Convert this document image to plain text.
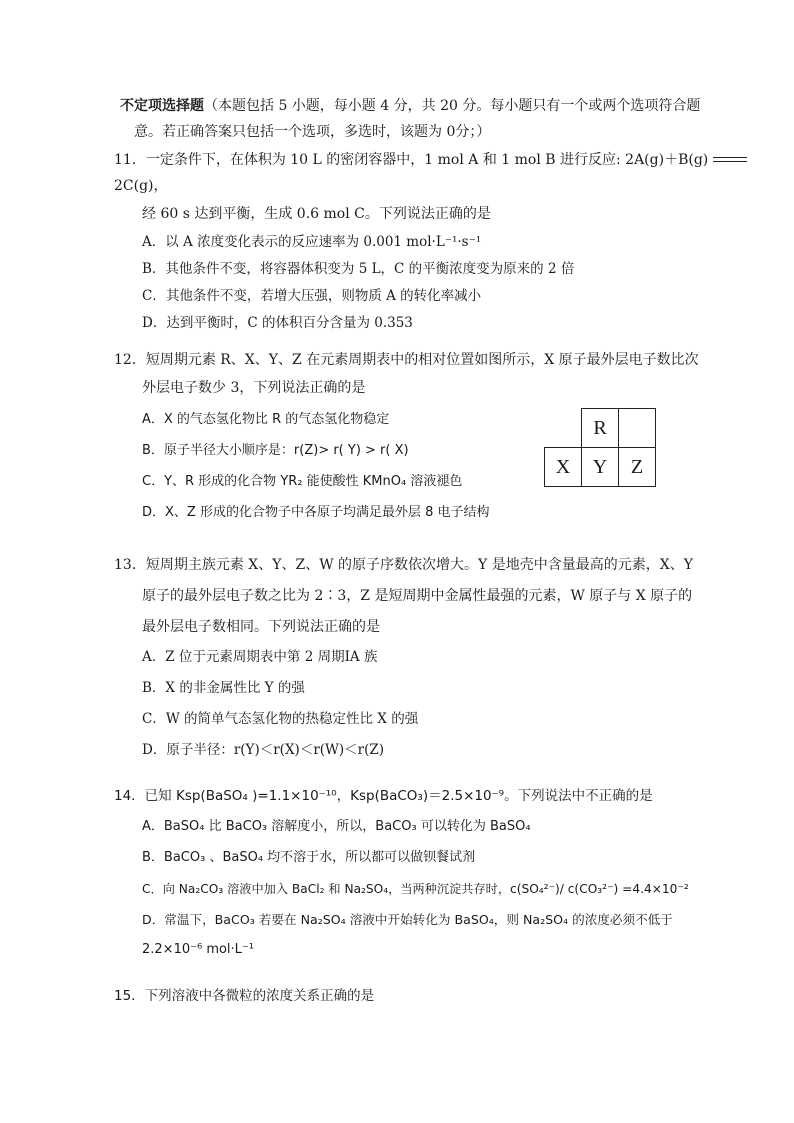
不定项选择题（本题包括 5 小题，每小题 4 分，共 20 分。每小题只有一个或两个选项符合题
意。若正确答案只包括一个选项，多选时，该题为 0分；）
11．一定条件下，在体积为 10 L 的密闭容器中，1 mol A 和 1 mol B 进行反应: 2A(g)＋B(g)
2C(g)，
经 60 s 达到平衡，生成 0.6 mol C。下列说法正确的是
A．以 A 浓度变化表示的反应速率为 0.001 mol·L⁻¹·s⁻¹
B．其他条件不变，将容器体积变为 5 L，C 的平衡浓度变为原来的 2 倍
C．其他条件不变，若增大压强，则物质 A 的转化率减小
D．达到平衡时，C 的体积百分含量为 0.353
12．短周期元素 R、X、Y、Z 在元素周期表中的相对位置如图所示，X 原子最外层电子数比次
外层电子数少 3，下列说法正确的是
A．X 的气态氢化物比 R 的气态氢化物稳定
B．原子半径大小顺序是：r(Z)> r( Y) > r( X)
C．Y、R 形成的化合物 YR₂ 能使酸性 KMnO₄ 溶液褪色
D．X、Z 形成的化合物子中各原子均满足最外层 8 电子结构
	R	
X	Y	Z
13．短周期主族元素 X、Y、Z、W 的原子序数依次增大。Y 是地壳中含量最高的元素，X、Y
原子的最外层电子数之比为 2∶3，Z 是短周期中金属性最强的元素，W 原子与 X 原子的
最外层电子数相同。下列说法正确的是
A．Z 位于元素周期表中第 2 周期ⅠA 族
B．X 的非金属性比 Y 的强
C．W 的简单气态氢化物的热稳定性比 X 的强
D．原子半径：r(Y)＜r(X)＜r(W)＜r(Z)
14．已知 Ksp(BaSO₄ )=1.1×10⁻¹⁰，Ksp(BaCO₃)＝2.5×10⁻⁹。下列说法中不正确的是
A．BaSO₄ 比 BaCO₃ 溶解度小，所以，BaCO₃ 可以转化为 BaSO₄
B．BaCO₃ 、BaSO₄ 均不溶于水，所以都可以做钡餐试剂
C．向 Na₂CO₃ 溶液中加入 BaCl₂ 和 Na₂SO₄，当两种沉淀共存时，c(SO₄²⁻)/ c(CO₃²⁻) =4.4×10⁻²
D．常温下，BaCO₃ 若要在 Na₂SO₄ 溶液中开始转化为 BaSO₄，则 Na₂SO₄ 的浓度必须不低于
2.2×10⁻⁶ mol·L⁻¹
15．下列溶液中各微粒的浓度关系正确的是
